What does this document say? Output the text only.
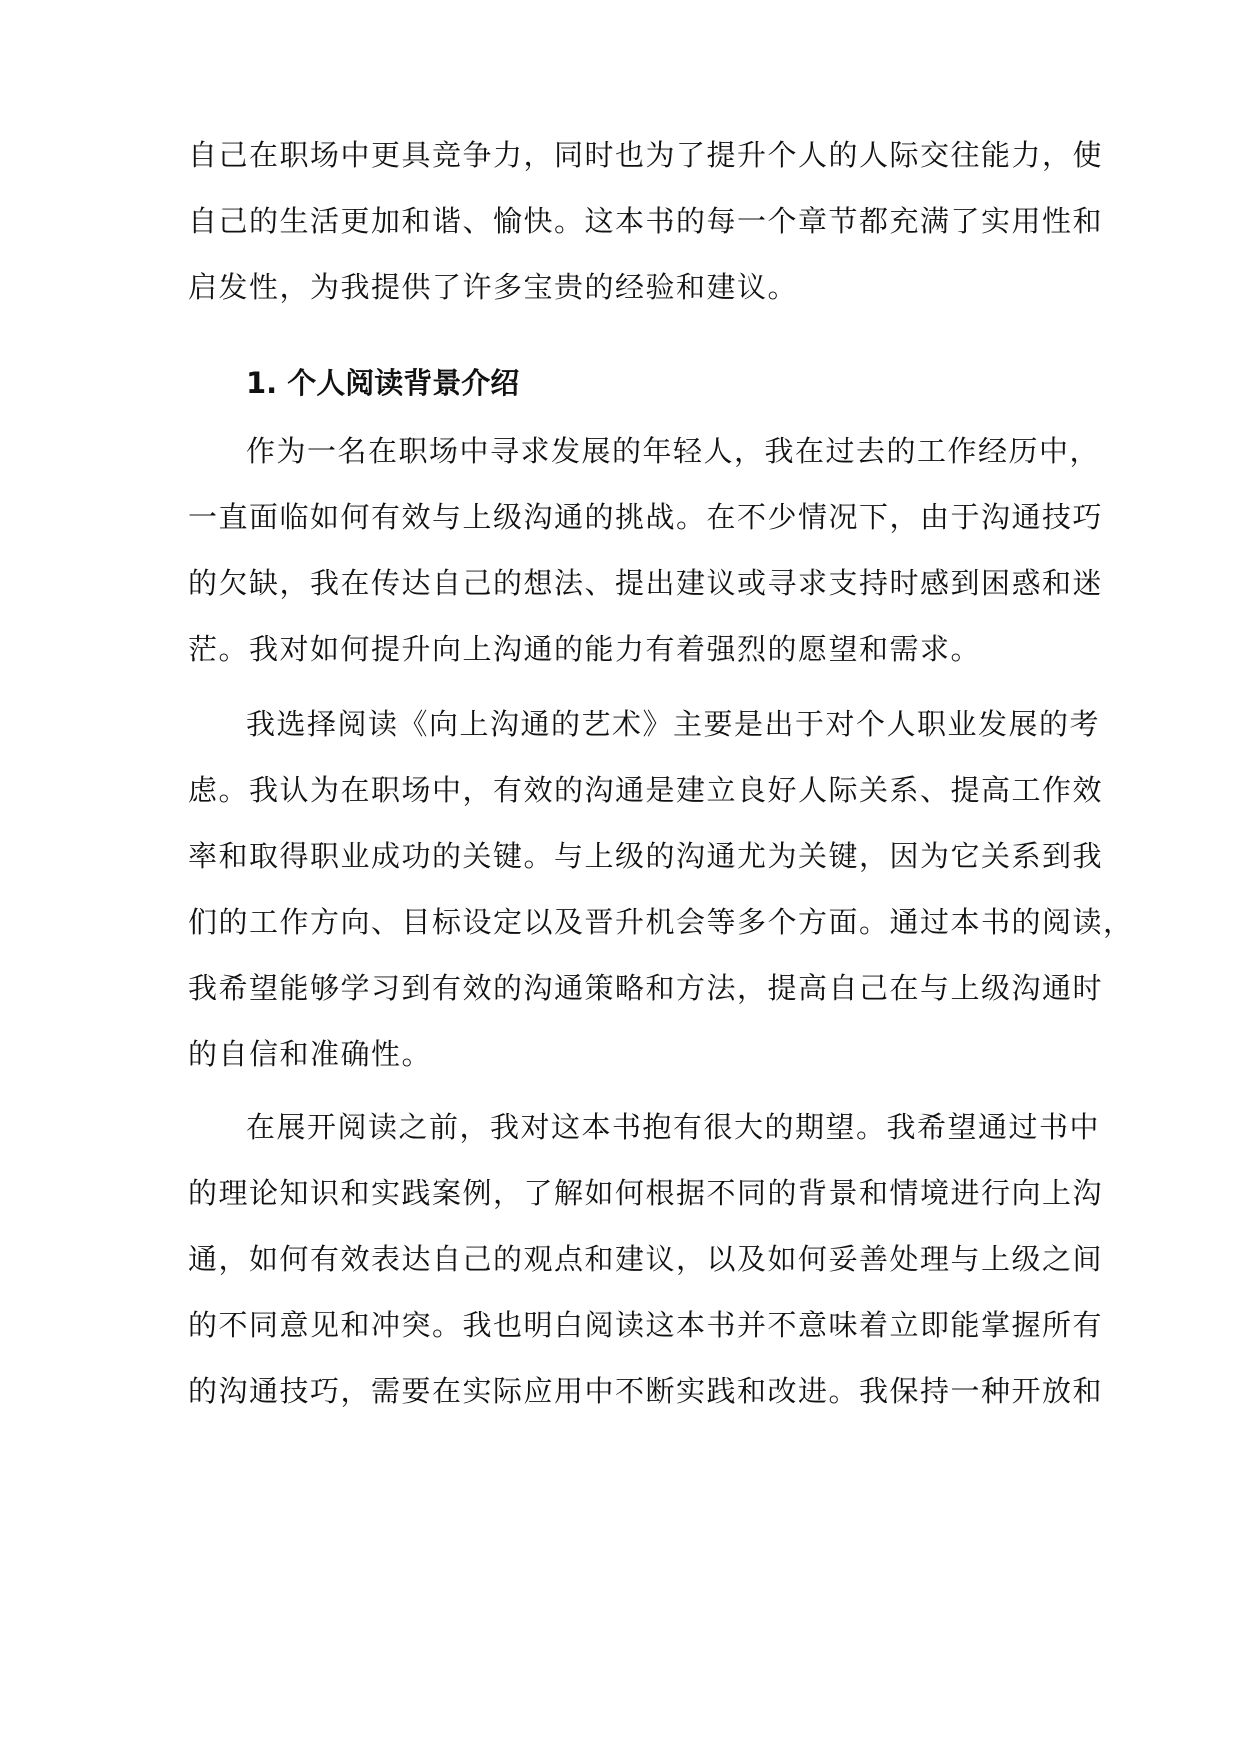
自己在职场中更具竞争力，同时也为了提升个人的人际交往能力，使
自己的生活更加和谐、愉快。这本书的每一个章节都充满了实用性和
启发性，为我提供了许多宝贵的经验和建议。
1. 个人阅读背景介绍
作为一名在职场中寻求发展的年轻人，我在过去的工作经历中，
一直面临如何有效与上级沟通的挑战。在不少情况下，由于沟通技巧
的欠缺，我在传达自己的想法、提出建议或寻求支持时感到困惑和迷
茫。我对如何提升向上沟通的能力有着强烈的愿望和需求。
我选择阅读《向上沟通的艺术》主要是出于对个人职业发展的考
虑。我认为在职场中，有效的沟通是建立良好人际关系、提高工作效
率和取得职业成功的关键。与上级的沟通尤为关键，因为它关系到我
们的工作方向、目标设定以及晋升机会等多个方面。通过本书的阅读，
我希望能够学习到有效的沟通策略和方法，提高自己在与上级沟通时
的自信和准确性。
在展开阅读之前，我对这本书抱有很大的期望。我希望通过书中
的理论知识和实践案例，了解如何根据不同的背景和情境进行向上沟
通，如何有效表达自己的观点和建议，以及如何妥善处理与上级之间
的不同意见和冲突。我也明白阅读这本书并不意味着立即能掌握所有
的沟通技巧，需要在实际应用中不断实践和改进。我保持一种开放和
